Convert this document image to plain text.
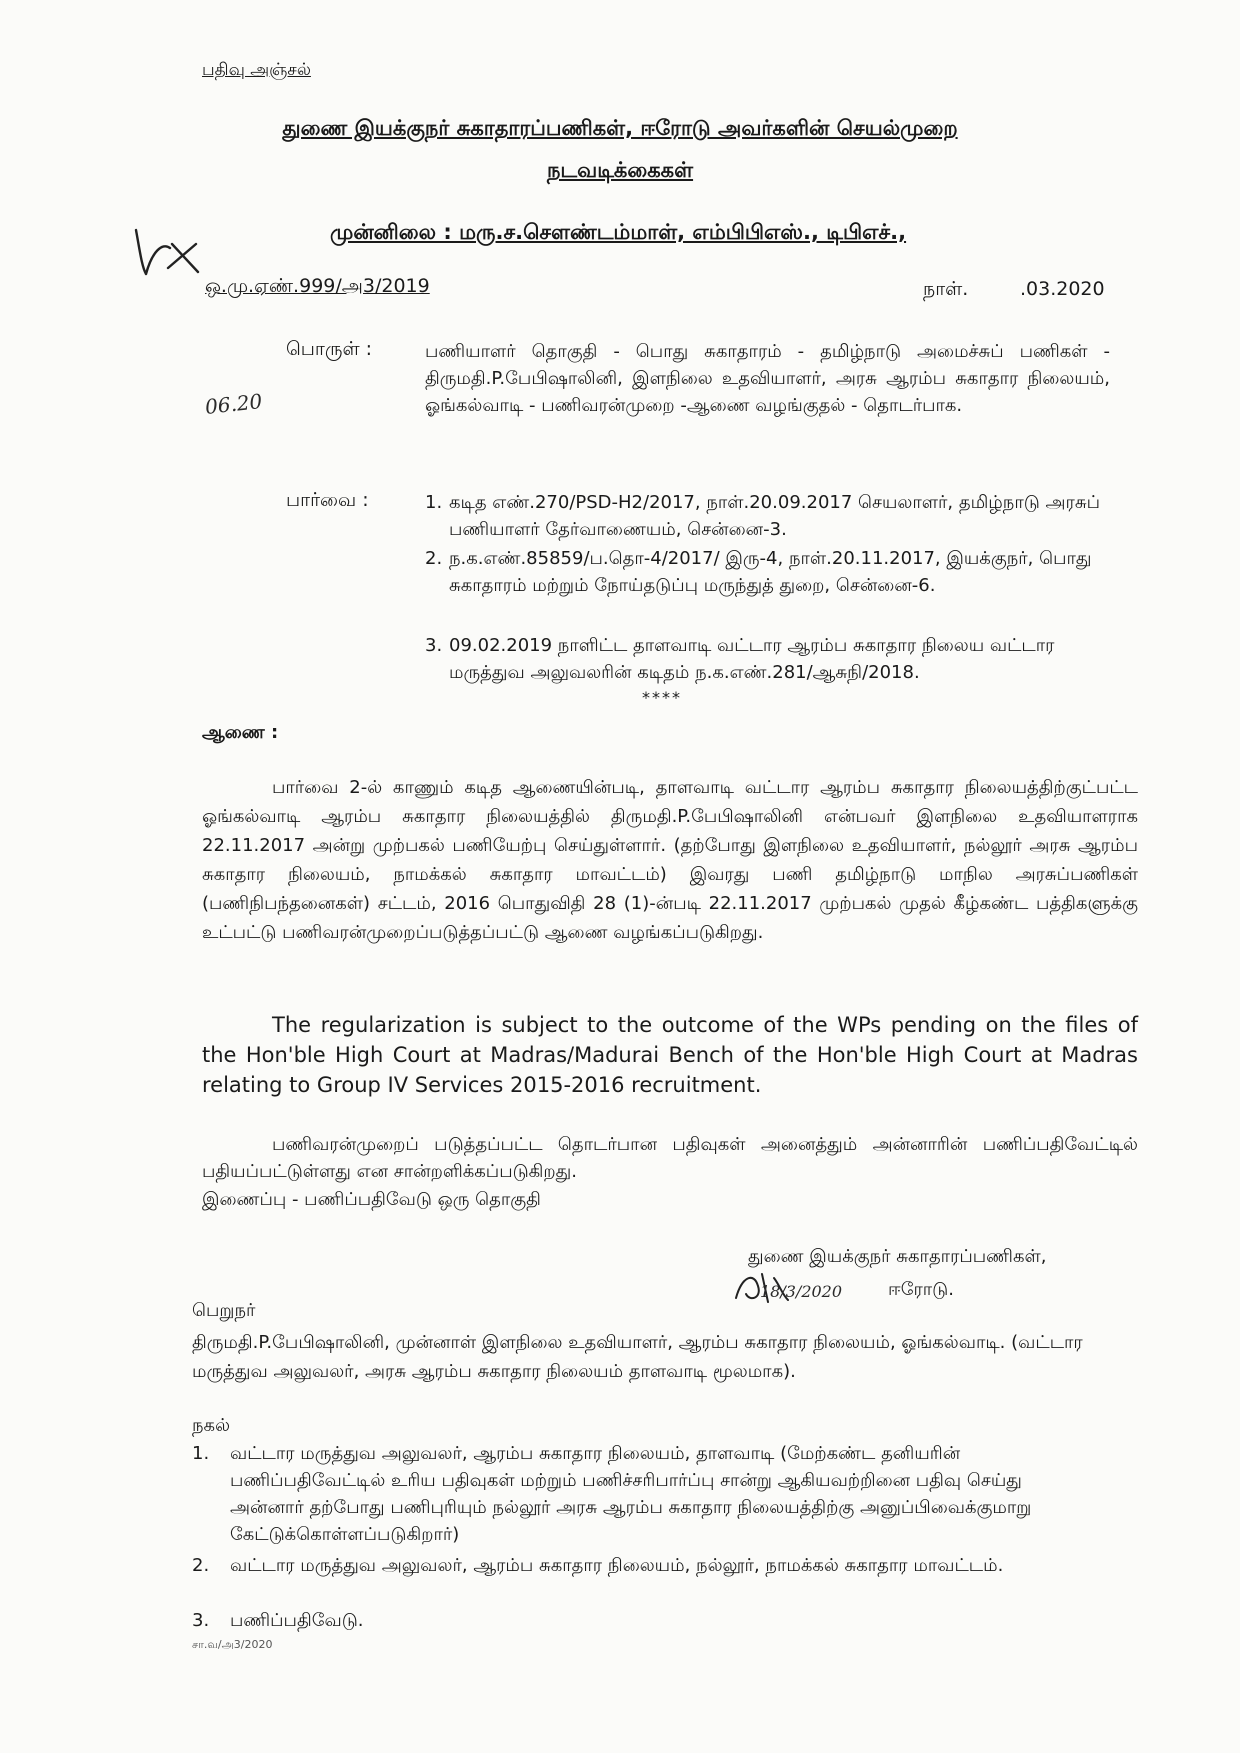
பதிவு அஞ்சல்
துணை இயக்குநர் சுகாதாரப்பணிகள், ஈரோடு அவர்களின் செயல்முறை
நடவடிக்கைகள்
முன்னிலை : மரு.ச.சௌண்டம்மாள், எம்பிபிஎஸ்., டிபிஎச்.,
ஒ.மு.ஏண்.999/அ3/2019	நாள்.	.03.2020
பொருள் :	பணியாளர் தொகுதி - பொது சுகாதாரம் - தமிழ்நாடு அமைச்சுப் பணிகள் - திருமதி.P.பேபிஷாலினி, இளநிலை உதவியாளர், அரசு ஆரம்ப சுகாதார நிலையம், ஓங்கல்வாடி - பணிவரன்முறை -ஆணை வழங்குதல் - தொடர்பாக.
06.20
பார்வை :	1. கடித எண்.270/PSD-H2/2017, நாள்.20.09.2017 செயலாளர், தமிழ்நாடு அரசுப் பணியாளர் தேர்வாணையம், சென்னை-3.
2. ந.க.எண்.85859/ப.தொ-4/2017/ இரு-4, நாள்.20.11.2017, இயக்குநர், பொது சுகாதாரம் மற்றும் நோய்தடுப்பு மருந்துத் துறை, சென்னை-6.
3. 09.02.2019 நாளிட்ட தாளவாடி வட்டார ஆரம்ப சுகாதார நிலைய வட்டார மருத்துவ அலுவலரின் கடிதம் ந.க.எண்.281/ஆசுநி/2018.
****
ஆணை :
பார்வை 2-ல் காணும் கடித ஆணையின்படி, தாளவாடி வட்டார ஆரம்ப சுகாதார நிலையத்திற்குட்பட்ட ஓங்கல்வாடி ஆரம்ப சுகாதார நிலையத்தில் திருமதி.P.பேபிஷாலினி என்பவர் இளநிலை உதவியாளராக 22.11.2017 அன்று முற்பகல் பணியேற்பு செய்துள்ளார். (தற்போது இளநிலை உதவியாளர், நல்லூர் அரசு ஆரம்ப சுகாதார நிலையம், நாமக்கல் சுகாதார மாவட்டம்) இவரது பணி தமிழ்நாடு மாநில அரசுப்பணிகள் (பணிநிபந்தனைகள்) சட்டம், 2016 பொதுவிதி 28 (1)-ன்படி 22.11.2017 முற்பகல் முதல் கீழ்கண்ட பத்திகளுக்கு உட்பட்டு பணிவரன்முறைப்படுத்தப்பட்டு ஆணை வழங்கப்படுகிறது.
The regularization is subject to the outcome of the WPs pending on the files of the Hon'ble High Court at Madras/Madurai Bench of the Hon'ble High Court at Madras relating to Group IV Services 2015-2016 recruitment.
பணிவரன்முறைப் படுத்தப்பட்ட தொடர்பான பதிவுகள் அனைத்தும் அன்னாரின் பணிப்பதிவேட்டில் பதியப்பட்டுள்ளது என சான்றளிக்கப்படுகிறது.
இணைப்பு - பணிப்பதிவேடு ஒரு தொகுதி
துணை இயக்குநர் சுகாதாரப்பணிகள்,
ஈரோடு.
18/3/2020
பெறுநர்
திருமதி.P.பேபிஷாலினி, முன்னாள் இளநிலை உதவியாளர், ஆரம்ப சுகாதார நிலையம், ஓங்கல்வாடி. (வட்டார மருத்துவ அலுவலர், அரசு ஆரம்ப சுகாதார நிலையம் தாளவாடி மூலமாக).
நகல்
1. வட்டார மருத்துவ அலுவலர், ஆரம்ப சுகாதார நிலையம், தாளவாடி (மேற்கண்ட தனியரின் பணிப்பதிவேட்டில் உரிய பதிவுகள் மற்றும் பணிச்சரிபார்ப்பு சான்று ஆகியவற்றினை பதிவு செய்து அன்னார் தற்போது பணிபுரியும் நல்லூர் அரசு ஆரம்ப சுகாதார நிலையத்திற்கு அனுப்பிவைக்குமாறு கேட்டுக்கொள்ளப்படுகிறார்)
2. வட்டார மருத்துவ அலுவலர், ஆரம்ப சுகாதார நிலையம், நல்லூர், நாமக்கல் சுகாதார மாவட்டம்.
3. பணிப்பதிவேடு.
சா.வ/அ3/2020
